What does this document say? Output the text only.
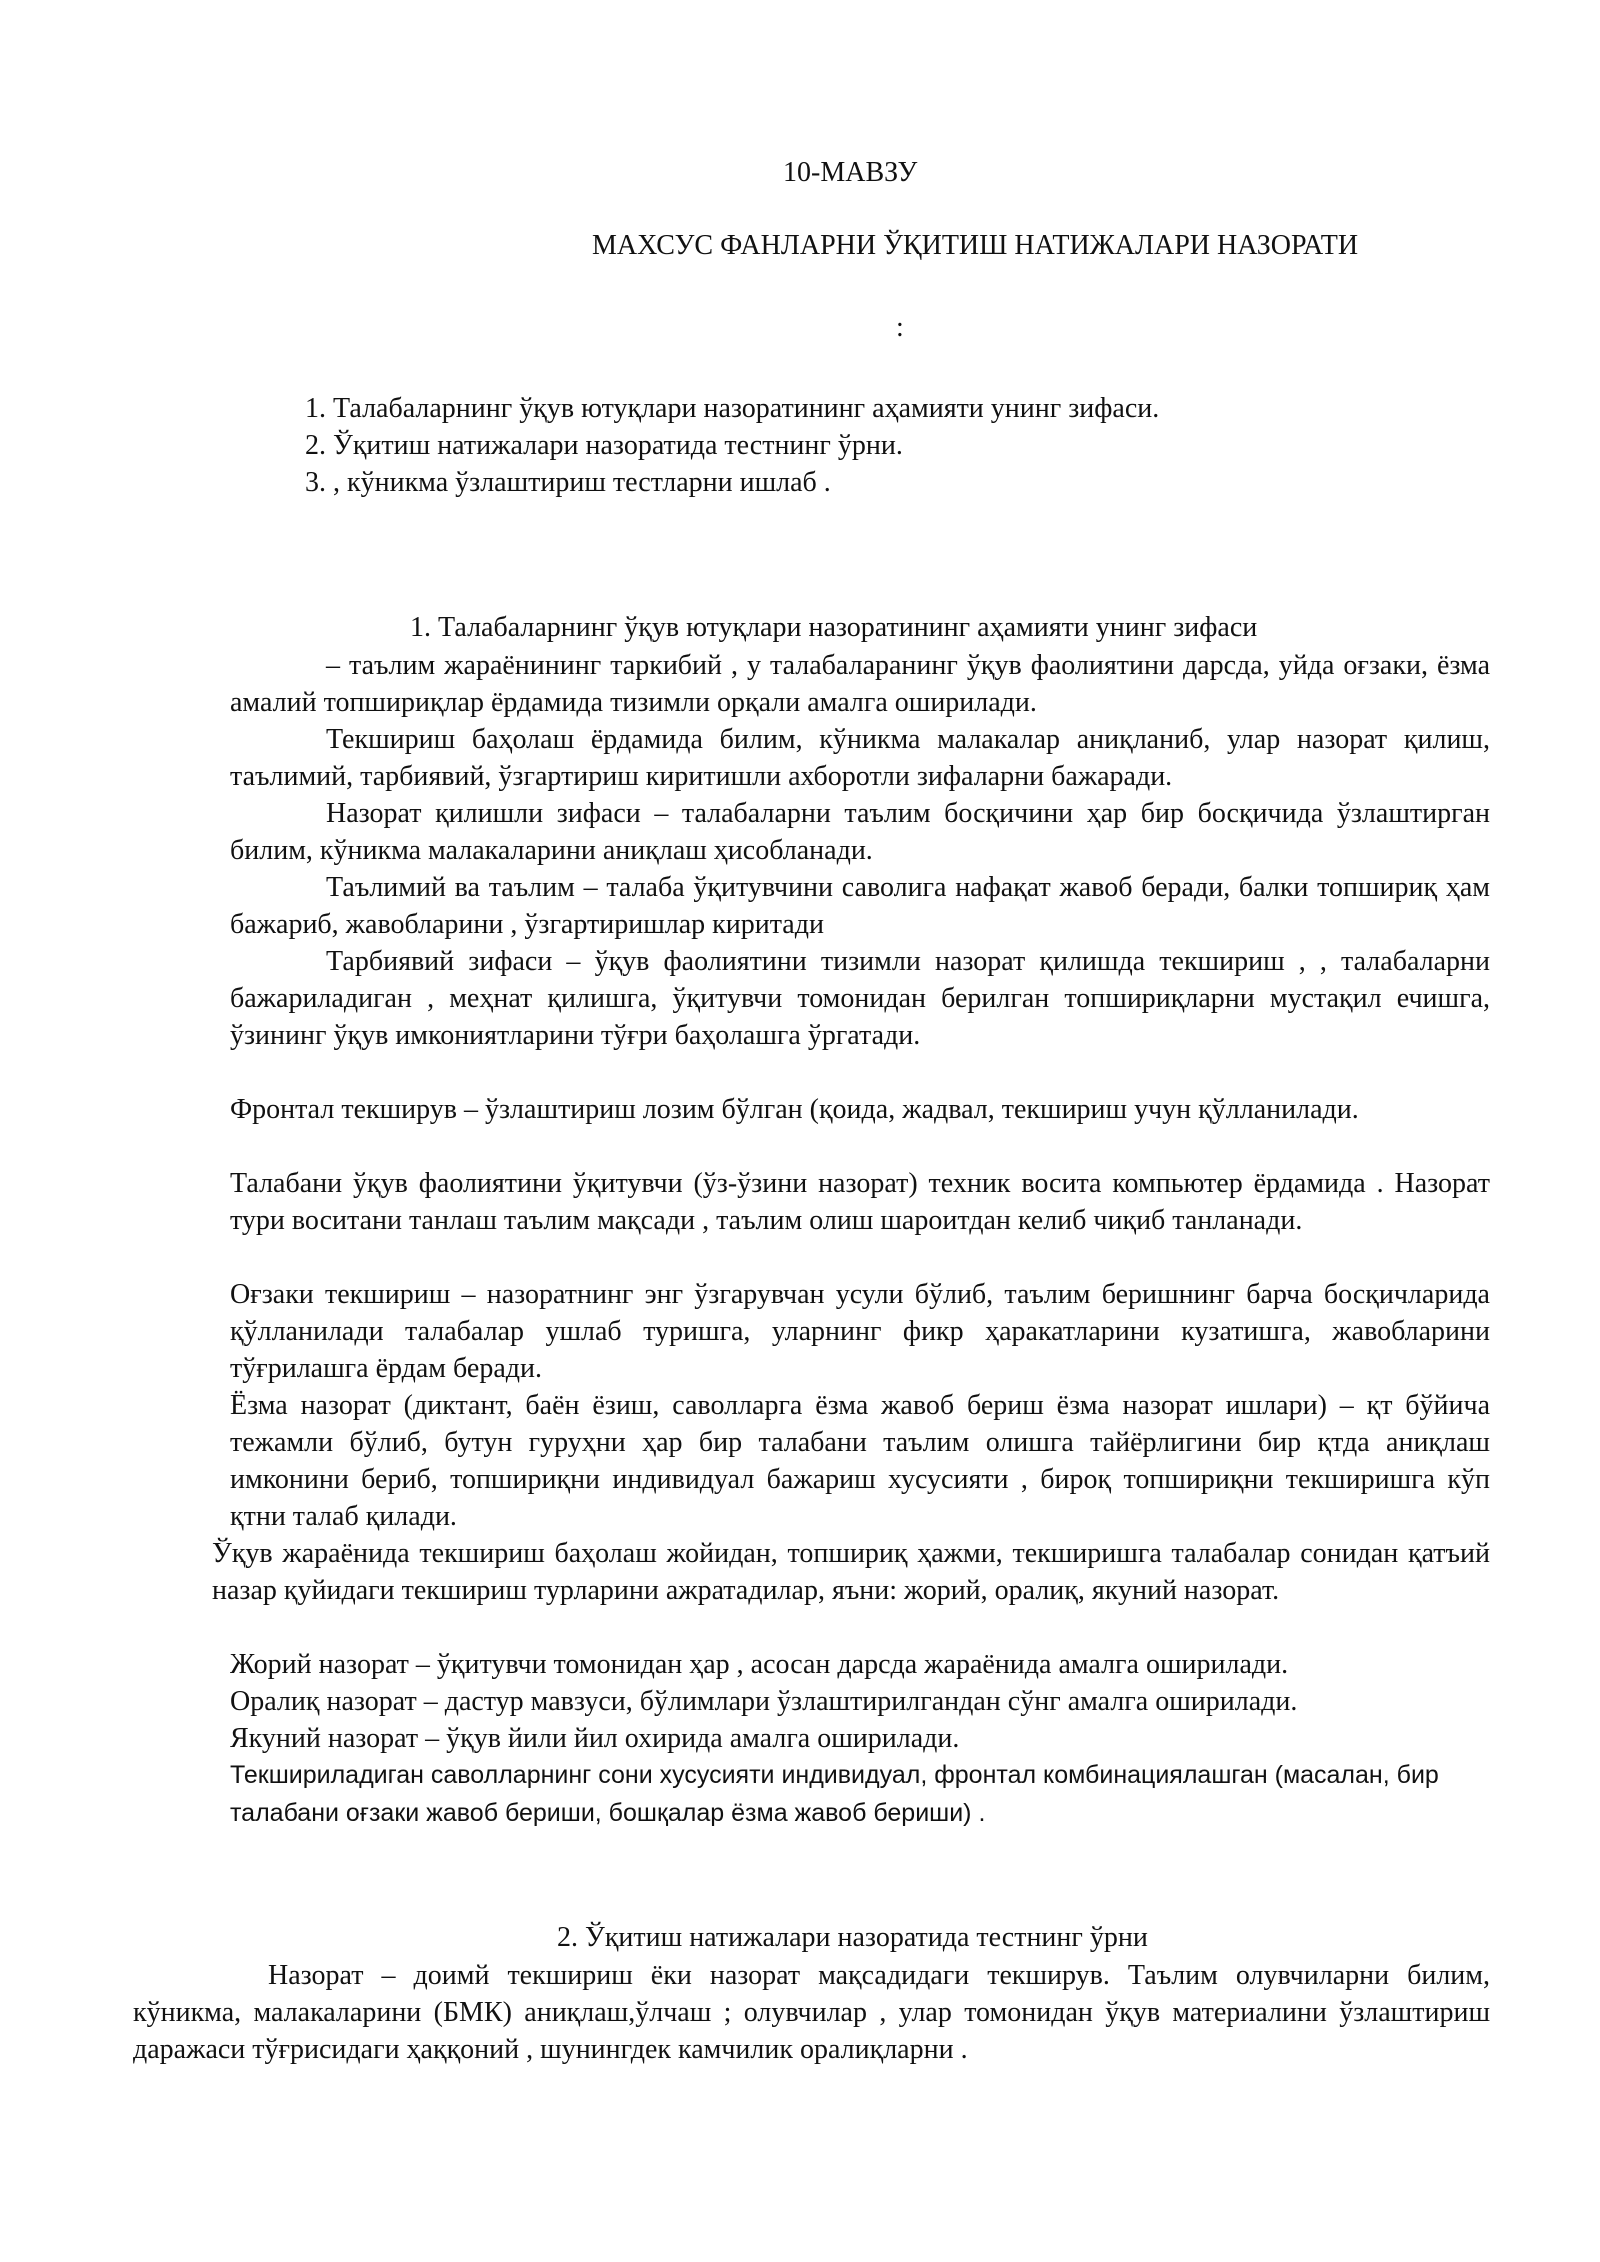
10-МАВЗУ
МАХСУС ФАНЛАРНИ ЎҚИТИШ НАТИЖАЛАРИ НАЗОРАТИ
:
1. Талабаларнинг ўқув ютуқлари назоратининг аҳамияти унинг зифаси.
2. Ўқитиш натижалари назоратида тестнинг ўрни.
3. , кўникма ўзлаштириш тестларни ишлаб .
1. Талабаларнинг ўқув ютуқлари назоратининг аҳамияти унинг зифаси
– таълим жараёнининг таркибий , у талабаларанинг ўқув фаолиятини дарсда, уйда оғзаки, ёзма амалий топшириқлар ёрдамида тизимли орқали амалга оширилади.
Текшириш баҳолаш ёрдамида билим, кўникма малакалар аниқланиб, улар назорат қилиш, таълимий, тарбиявий, ўзгартириш киритишли ахборотли зифаларни бажаради.
Назорат қилишли зифаси – талабаларни таълим босқичини ҳар бир босқичида ўзлаштирган билим, кўникма малакаларини аниқлаш ҳисобланади.
Таълимий ва таълим – талаба ўқитувчини саволига нафақат жавоб беради, балки топшириқ ҳам бажариб, жавобларини , ўзгартиришлар киритади
Тарбиявий зифаси – ўқув фаолиятини тизимли назорат қилишда текшириш , , талабаларни бажариладиган , меҳнат қилишга, ўқитувчи томонидан берилган топшириқларни мустақил ечишга, ўзининг ўқув имкониятларини тўғри баҳолашга ўргатади.
Фронтал текширув – ўзлаштириш лозим бўлган (қоида, жадвал, текшириш учун қўлланилади.
Талабани ўқув фаолиятини ўқитувчи (ўз-ўзини назорат) техник восита компьютер ёрдамида . Назорат тури воситани танлаш таълим мақсади , таълим олиш шароитдан келиб чиқиб танланади.
Оғзаки текшириш – назоратнинг энг ўзгарувчан усули бўлиб, таълим беришнинг барча босқичларида қўлланилади талабалар ушлаб туришга, уларнинг фикр ҳаракатларини кузатишга, жавобларини тўғрилашга ёрдам беради.
Ёзма назорат (диктант, баён ёзиш, саволларга ёзма жавоб бериш ёзма назорат ишлари) – қт бўйича тежамли бўлиб, бутун гуруҳни ҳар бир талабани таълим олишга тайёрлигини бир қтда аниқлаш имконини бериб, топшириқни индивидуал бажариш хусусияти , бироқ топшириқни текширишга кўп қтни талаб қилади.
Ўқув жараёнида текшириш баҳолаш жойидан, топшириқ ҳажми, текширишга талабалар сонидан қатъий назар қуйидаги текшириш турларини ажратадилар, яъни: жорий, оралиқ, якуний назорат.
Жорий назорат – ўқитувчи томонидан ҳар , асосан дарсда жараёнида амалга оширилади.
Оралиқ назорат – дастур мавзуси, бўлимлари ўзлаштирилгандан сўнг амалга оширилади.
Якуний назорат – ўқув йили йил охирида амалга оширилади.
Текшириладиган саволларнинг сони хусусияти индивидуал, фронтал комбинациялашган (масалан, бир талабани оғзаки жавоб бериши, бошқалар ёзма жавоб бериши) .
2. Ўқитиш натижалари назоратида тестнинг ўрни
Назорат – доимй текшириш ёки назорат мақсадидаги текширув. Таълим олувчиларни билим, кўникма, малакаларини (БМК) аниқлаш,ўлчаш ; олувчилар , улар томонидан ўқув материалини ўзлаштириш даражаси тўғрисидаги ҳаққоний , шунингдек камчилик оралиқларни .
